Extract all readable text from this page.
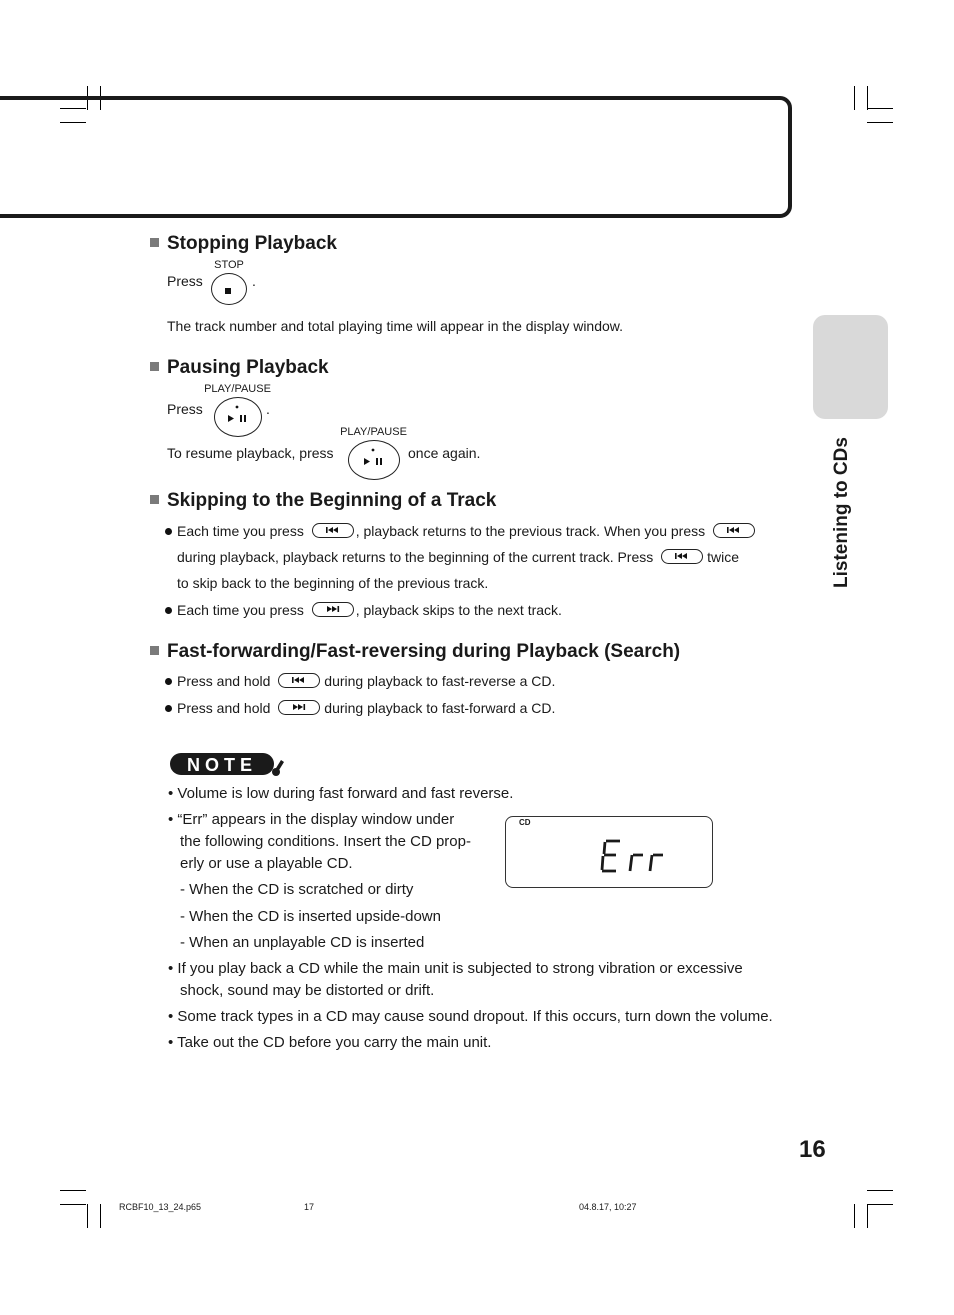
Listening to CDs
Stopping Playback
Press
STOP
.
The track number and total playing time will appear in the display window.
Pausing Playback
Press
PLAY/PAUSE
.
To resume playback, press
PLAY/PAUSE
once again.
Skipping to the Beginning of a Track
Each time you press	, playback returns to the previous track. When you press
during playback, playback returns to the beginning of the current track. Press	twice
to skip back to the beginning of the previous track.
Each time you press	, playback skips to the next track.
Fast-forwarding/Fast-reversing during Playback (Search)
Press and hold	during playback to fast-reverse a CD.
Press and hold	during playback to fast-forward a CD.
NOTE
• Volume is low during fast forward and fast reverse.
• “Err” appears in the display window under
the following conditions. Insert the CD prop-
erly or use a playable CD.
- When the CD is scratched or dirty
- When the CD is inserted upside-down
- When an unplayable CD is inserted
• If you play back a CD while the main unit is subjected to strong vibration or excessive
shock, sound may be distorted or drift.
• Some track types in a CD may cause sound dropout. If this occurs, turn down the volume.
• Take out the CD before you carry the main unit.
CD
16
RCBF10_13_24.p65	17	04.8.17, 10:27
